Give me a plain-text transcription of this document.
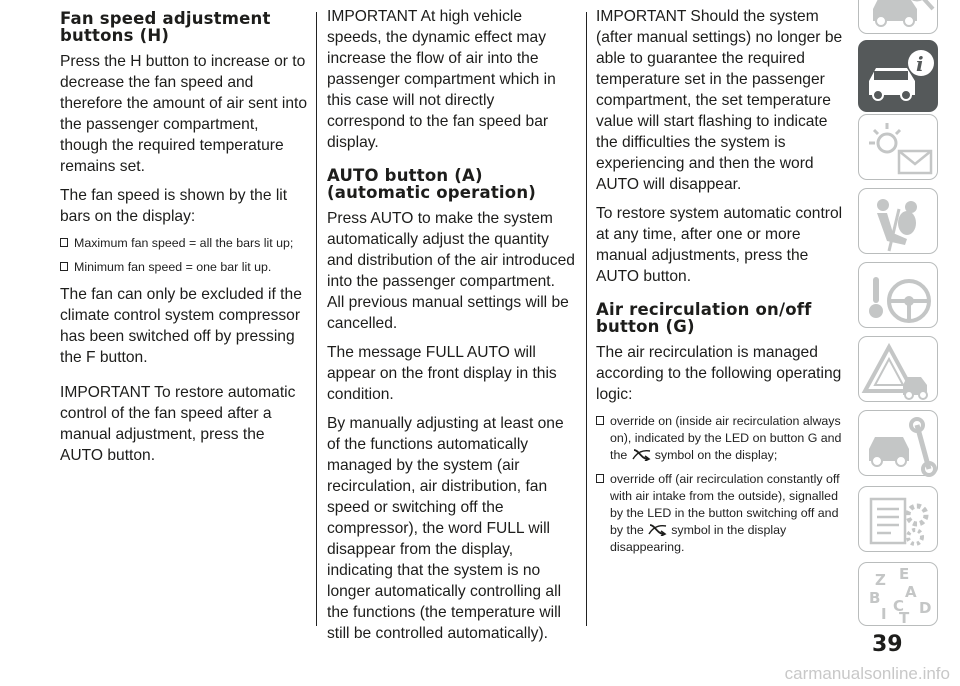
Fan speed adjustment buttons (H)

Press the H button to increase or to decrease the fan speed and therefore the amount of air sent into the passenger compartment, though the required temperature remains set.

The fan speed is shown by the lit bars on the display:

Maximum fan speed = all the bars lit up;
Minimum fan speed = one bar lit up.

The fan can only be excluded if the climate control system compressor has been switched off by pressing the F button.

IMPORTANT To restore automatic control of the fan speed after a manual adjustment, press the AUTO button.

IMPORTANT At high vehicle speeds, the dynamic effect may increase the flow of air into the passenger compartment which in this case will not directly correspond to the fan speed bar display.

AUTO button (A) (automatic operation)

Press AUTO to make the system automatically adjust the quantity and distribution of the air introduced into the passenger compartment. All previous manual settings will be cancelled.

The message FULL AUTO will appear on the front display in this condition.

By manually adjusting at least one of the functions automatically managed by the system (air recirculation, air distribution, fan speed or switching off the compressor), the word FULL will disappear from the display, indicating that the system is no longer automatically controlling all the functions (the temperature will still be controlled automatically).

IMPORTANT Should the system (after manual settings) no longer be able to guarantee the required temperature set in the passenger compartment, the set temperature value will start flashing to indicate the difficulties the system is experiencing and then the word AUTO will disappear.

To restore system automatic control at any time, after one or more manual adjustments, press the AUTO button.

Air recirculation on/off button (G)

The air recirculation is managed according to the following operating logic:

override on (inside air recirculation always on), indicated by the LED on button G and the symbol on the display;
override off (air recirculation constantly off with air intake from the outside), signalled by the LED in the button switching off and by the symbol in the display disappearing.
i
Z E
B A
I C
T
D
39
carmanualsonline.info
